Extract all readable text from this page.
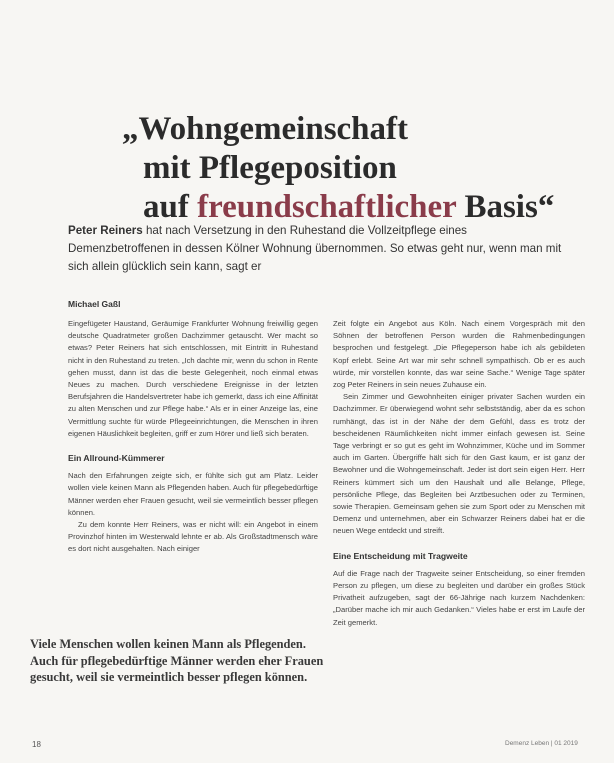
„Wohngemeinschaft
mit Pflegeposition
auf freundschaftlicher Basis“
Peter Reiners hat nach Versetzung in den Ruhestand die Vollzeitpflege eines Demenzbetroffenen in dessen Kölner Wohnung übernommen. So etwas geht nur, wenn man mit sich allein glücklich sein kann, sagt er
Michael Gaßl

Eingefügeter Haustand, Geräumige Frankfurter Wohnung freiwillig gegen deutsche Quadratmeter großen Dachzimmer getauscht. Wer macht so etwas? Peter Reiners hat sich entschlossen, mit Eintritt in Ruhestand nicht in den Ruhestand zu treten. „Ich dachte mir, wenn du schon in Rente gehen musst, dann ist das die beste Gelegenheit, noch einmal etwas Neues zu machen. Durch verschiedene Ereignisse in der letzten Berufsjahren die Handelsvertreter habe ich gemerkt, dass ich eine Affinität zu alten Menschen und zur Pflege habe.“ Als er in einer Anzeige las, eine Vermittlung suchte für würde Pflegeeinrichtungen, die Menschen in ihren eigenen Häuslichkeit begleiten, griff er zum Hörer und ließ sich beraten.

Ein Allround-Kümmerer

Nach den Erfahrungen zeigte sich, er fühlte sich gut am Platz. Leider wollen viele keinen Mann als Pflegenden haben. Auch für pflegebedürftige Männer werden eher Frauen gesucht, weil sie vermeintlich besser pflegen können.

Zu dem konnte Herr Reiners, was er nicht will: ein Angebot in einem Provinzhof hinten im Westerwald lehnte er ab. Als Großstadtmensch wäre es dort nicht ausgehalten. Nach einiger

Zeit folgte ein Angebot aus Köln. Nach einem Vorgespräch mit den Söhnen der betroffenen Person wurden die Rahmenbedingungen besprochen und festgelegt. „Die Pflegeperson habe ich als gebildeten Kopf erlebt. Seine Art war mir sehr schnell sympathisch. Ob er es auch würde, mir vorstellen konnte, das war seine Sache.“ Wenige Tage später zog Peter Reiners in sein neues Zuhause ein.

Sein Zimmer und Gewohnheiten einiger privater Sachen wurden ein Dachzimmer. Er überwiegend wohnt sehr selbstständig, aber da es schon rumhängt, das ist in der Nähe der dem Gefühl, dass es trotz der bescheidenen Räumlichkeiten nicht immer einfach gewesen ist. Seine Tage verbringt er so gut es geht im Wohnzimmer, Küche und im Sommer auch im Garten. Übergriffe hält sich für den Gast kaum, er ist ganz der Bewohner und die Wohngemeinschaft. Jeder ist dort sein eigen Herr. Herr Reiners kümmert sich um den Haushalt und alle Belange, Pflege, persönliche Pflege, das Begleiten bei Arztbesuchen oder zu Terminen, sowie Therapien. Gemeinsam gehen sie zum Sport oder zu Menschen mit Demenz und unternehmen, aber ein Schwarzer Reiners dabei hat er die neuen Wege entdeckt und streift.

Eine Entscheidung mit Tragweite

Auf die Frage nach der Tragweite seiner Entscheidung, so einer fremden Person zu pflegen, um diese zu begleiten und darüber ein großes Stück Privatheit aufzugeben, sagt der 66-Jährige nach kurzem Nachdenken: „Darüber mache ich mir auch Gedanken.“ Vieles habe er erst im Laufe der Zeit gemerkt.

Viele Menschen wollen keinen Mann als Pflegenden. Auch für pflegebedürftige Männer werden eher Frauen gesucht, weil sie vermeintlich besser pflegen können.
18	Demenz Leben | 01 2019
